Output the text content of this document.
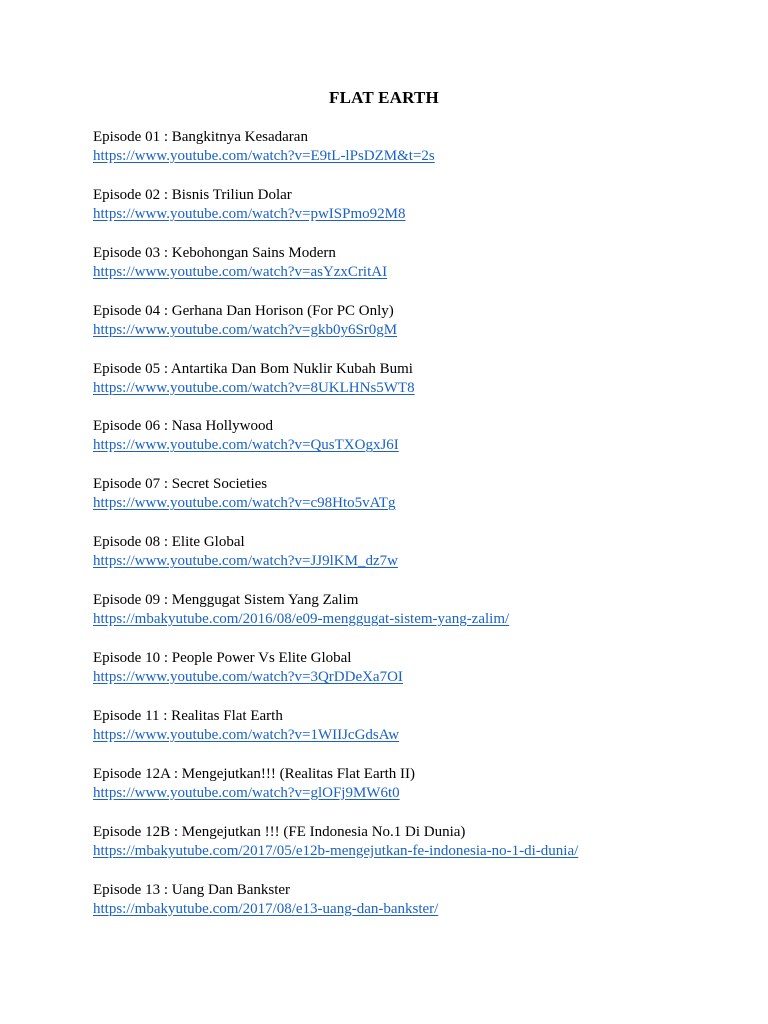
FLAT EARTH
Episode 01 : Bangkitnya Kesadaran
https://www.youtube.com/watch?v=E9tL-lPsDZM&t=2s
Episode 02 : Bisnis Triliun Dolar
https://www.youtube.com/watch?v=pwISPmo92M8
Episode 03 : Kebohongan Sains Modern
https://www.youtube.com/watch?v=asYzxCritAI
Episode 04 : Gerhana Dan Horison (For PC Only)
https://www.youtube.com/watch?v=gkb0y6Sr0gM
Episode 05 : Antartika Dan Bom Nuklir Kubah Bumi
https://www.youtube.com/watch?v=8UKLHNs5WT8
Episode 06 : Nasa Hollywood
https://www.youtube.com/watch?v=QusTXOgxJ6I
Episode 07 : Secret Societies
https://www.youtube.com/watch?v=c98Hto5vATg
Episode 08 : Elite Global
https://www.youtube.com/watch?v=JJ9lKM_dz7w
Episode 09 : Menggugat Sistem Yang Zalim
https://mbakyutube.com/2016/08/e09-menggugat-sistem-yang-zalim/
Episode 10 : People Power Vs Elite Global
https://www.youtube.com/watch?v=3QrDDeXa7OI
Episode 11 : Realitas Flat Earth
https://www.youtube.com/watch?v=1WIIJcGdsAw
Episode 12A : Mengejutkan!!! (Realitas Flat Earth II)
https://www.youtube.com/watch?v=glOFj9MW6t0
Episode 12B : Mengejutkan !!! (FE Indonesia No.1 Di Dunia)
https://mbakyutube.com/2017/05/e12b-mengejutkan-fe-indonesia-no-1-di-dunia/
Episode 13 : Uang Dan Bankster
https://mbakyutube.com/2017/08/e13-uang-dan-bankster/
